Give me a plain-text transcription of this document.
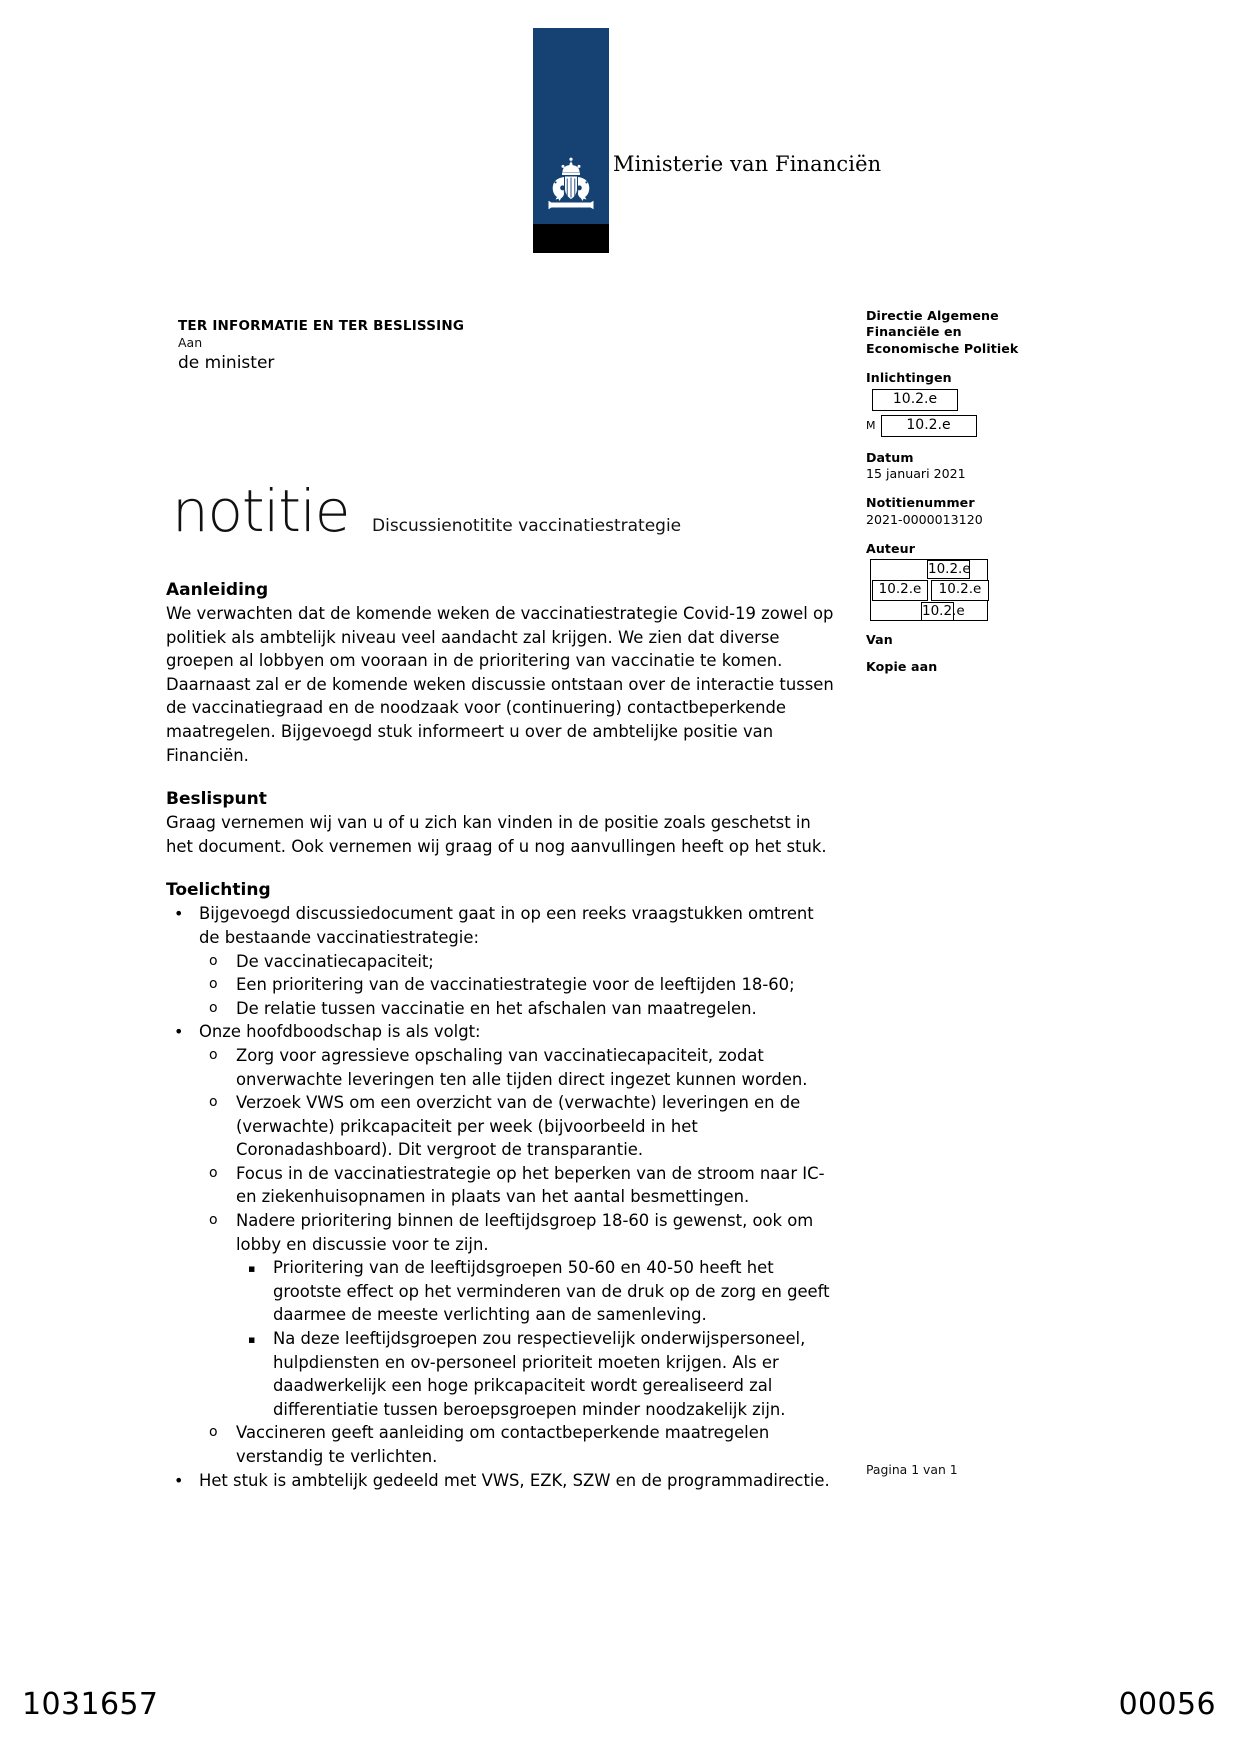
Ministerie van Financiën
TER INFORMATIE EN TER BESLISSING
Aan
de minister
notitie Discussienotitite vaccinatiestrategie
Aanleiding

We verwachten dat de komende weken de vaccinatiestrategie Covid-19 zowel op politiek als ambtelijk niveau veel aandacht zal krijgen. We zien dat diverse groepen al lobbyen om vooraan in de prioritering van vaccinatie te komen. Daarnaast zal er de komende weken discussie ontstaan over de interactie tussen de vaccinatiegraad en de noodzaak voor (continuering) contactbeperkende maatregelen. Bijgevoegd stuk informeert u over de ambtelijke positie van Financiën.

Beslispunt

Graag vernemen wij van u of u zich kan vinden in de positie zoals geschetst in het document. Ook vernemen wij graag of u nog aanvullingen heeft op het stuk.

Toelichting
• Bijgevoegd discussiedocument gaat in op een reeks vraagstukken omtrent de bestaande vaccinatiestrategie:
o De vaccinatiecapaciteit;
o Een prioritering van de vaccinatiestrategie voor de leeftijden 18-60;
o De relatie tussen vaccinatie en het afschalen van maatregelen.
• Onze hoofdboodschap is als volgt:
o Zorg voor agressieve opschaling van vaccinatiecapaciteit, zodat onverwachte leveringen ten alle tijden direct ingezet kunnen worden.
o Verzoek VWS om een overzicht van de (verwachte) leveringen en de (verwachte) prikcapaciteit per week (bijvoorbeeld in het Coronadashboard). Dit vergroot de transparantie.
o Focus in de vaccinatiestrategie op het beperken van de stroom naar IC- en ziekenhuisopnamen in plaats van het aantal besmettingen.
o Nadere prioritering binnen de leeftijdsgroep 18-60 is gewenst, ook om lobby en discussie voor te zijn.
▪ Prioritering van de leeftijdsgroepen 50-60 en 40-50 heeft het grootste effect op het verminderen van de druk op de zorg en geeft daarmee de meeste verlichting aan de samenleving.
▪ Na deze leeftijdsgroepen zou respectievelijk onderwijspersoneel, hulpdiensten en ov-personeel prioriteit moeten krijgen. Als er daadwerkelijk een hoge prikcapaciteit wordt gerealiseerd zal differentiatie tussen beroepsgroepen minder noodzakelijk zijn.
o Vaccineren geeft aanleiding om contactbeperkende maatregelen verstandig te verlichten.
• Het stuk is ambtelijk gedeeld met VWS, EZK, SZW en de programmadirectie.
Directie Algemene
Financiële en
Economische Politiek
Inlichtingen
10.2.e
M	10.2.e
Datum
15 januari 2021
Notitienummer
2021-0000013120
Auteur
10.2.e
10.2.e	10.2.e
10.2.e
Van
Kopie aan
Pagina 1 van 1
1031657	00056
